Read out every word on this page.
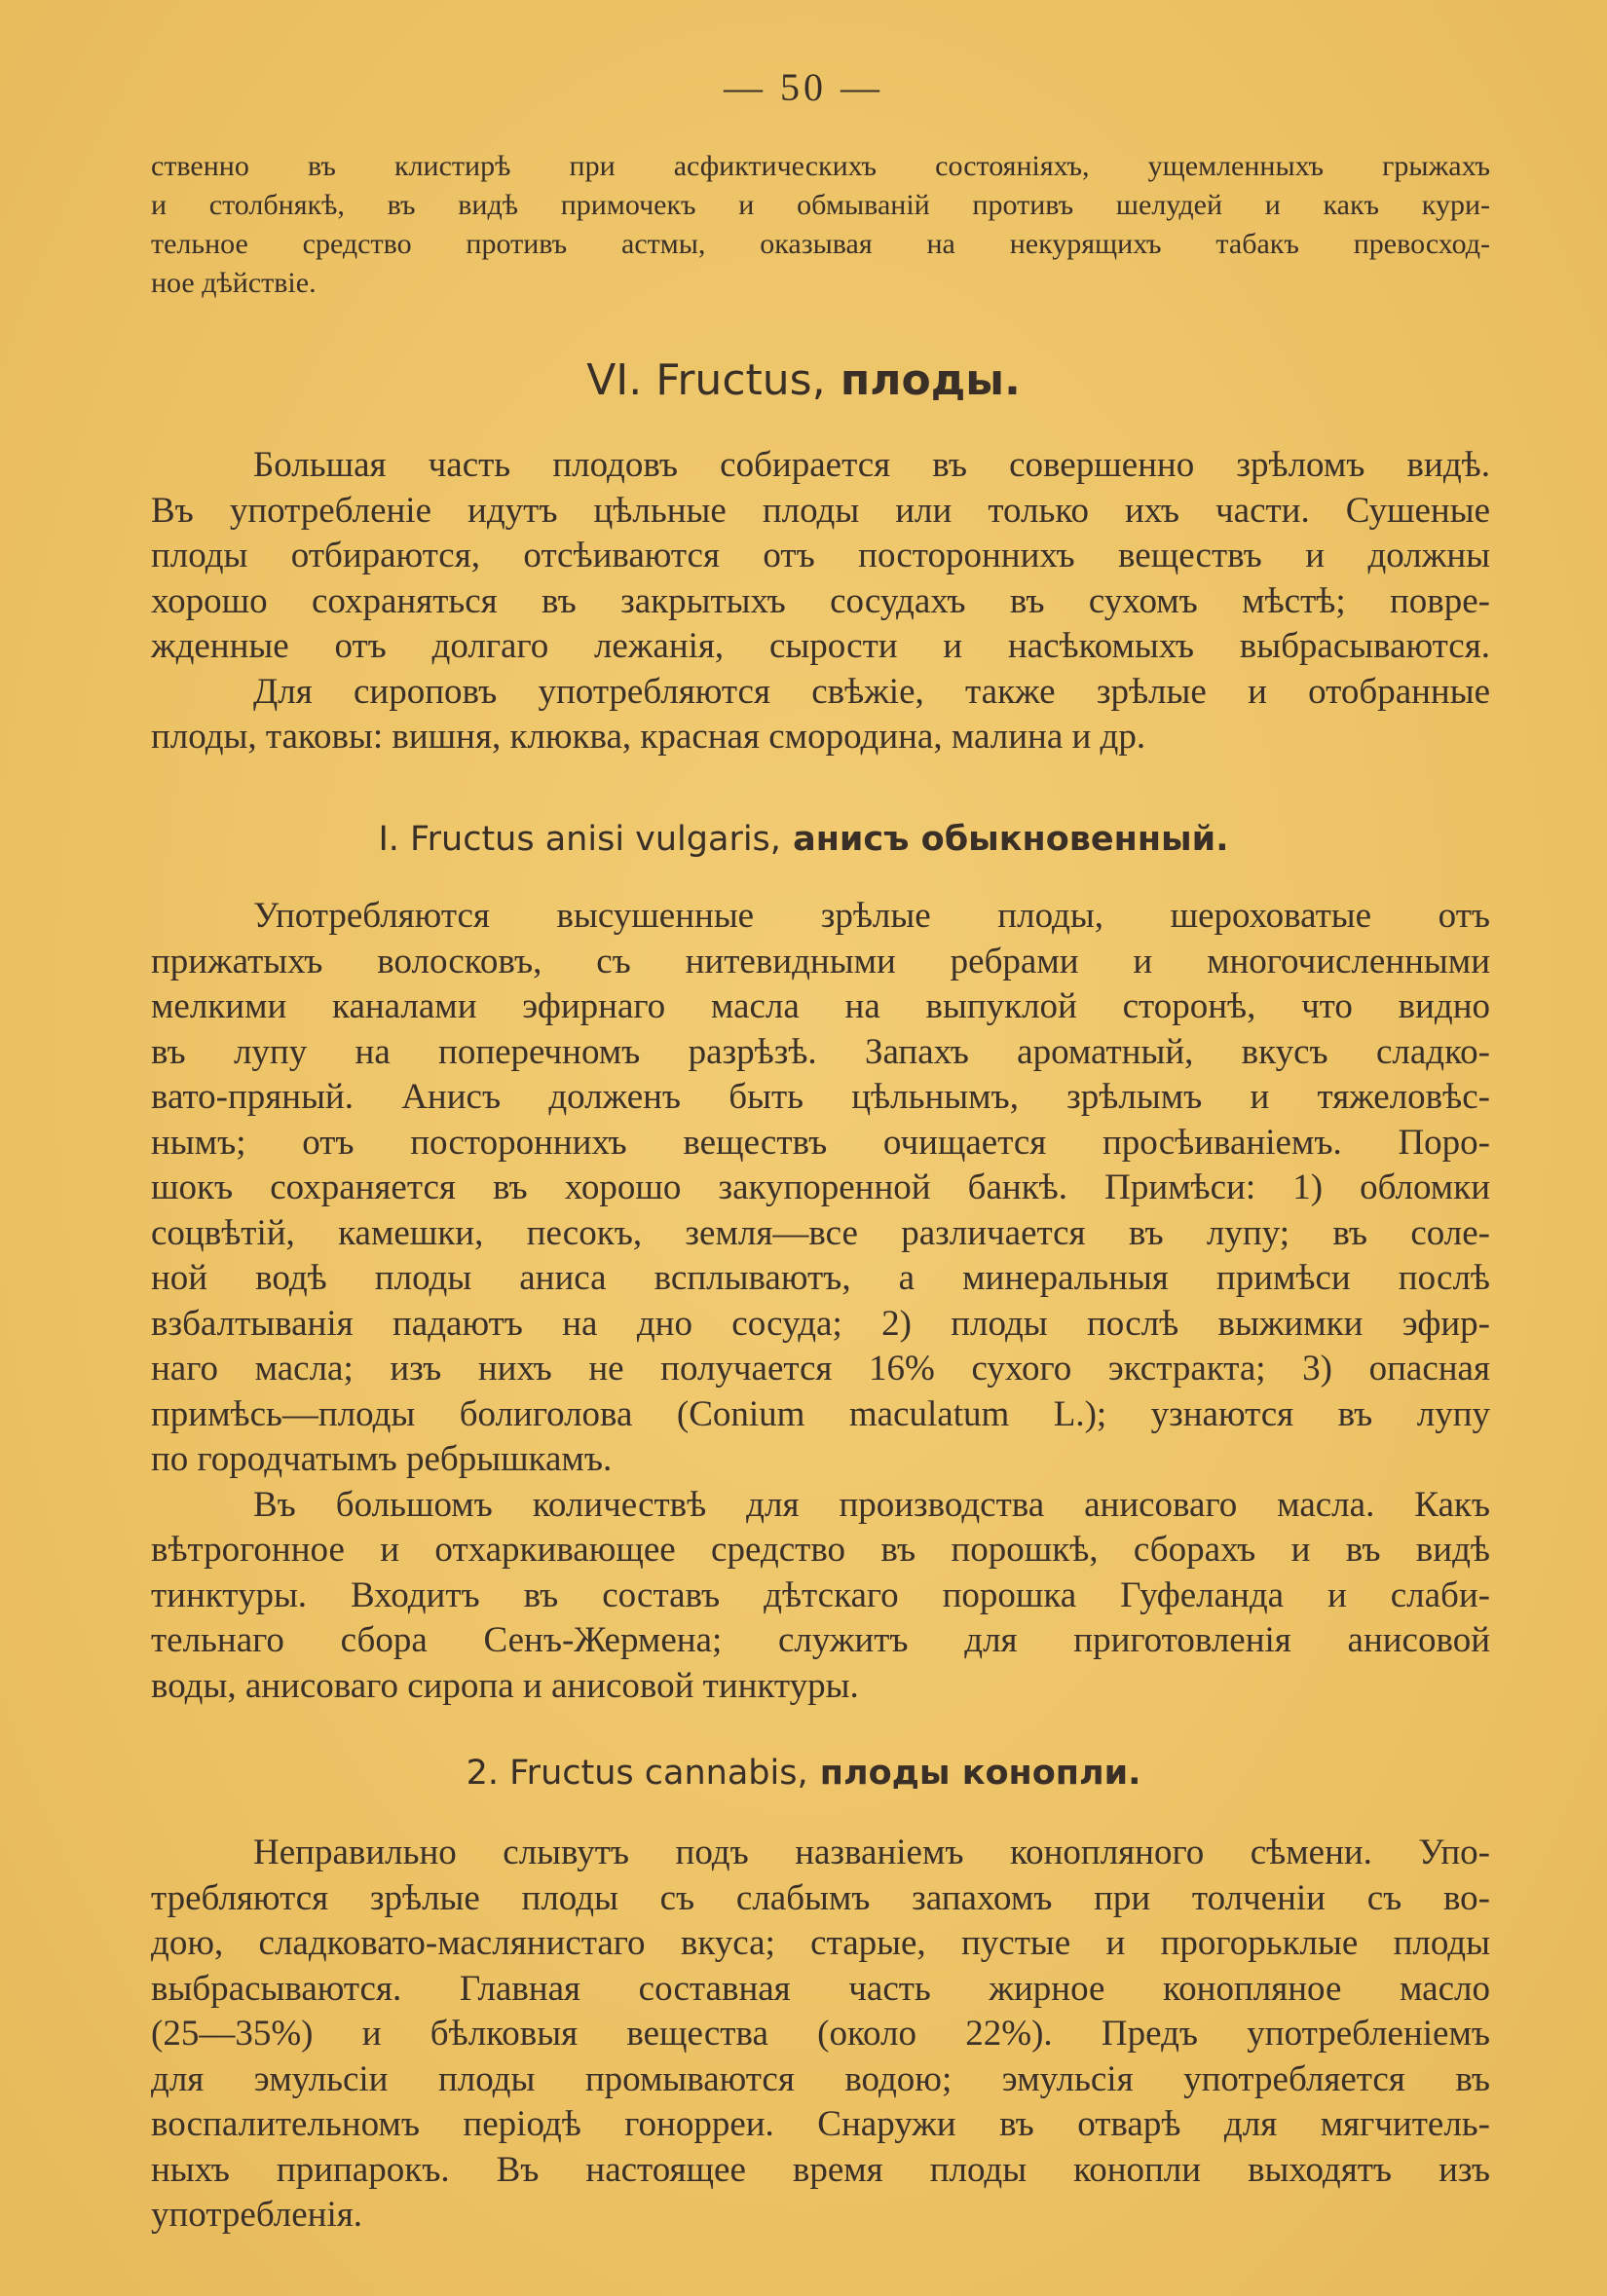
— 50 —
ственно въ клистирѣ при асфиктическихъ состояніяхъ, ущемленныхъ грыжахъ
и столбнякѣ, въ видѣ примочекъ и обмываній противъ шелудей и какъ кури-
тельное средство противъ астмы, оказывая на некурящихъ табакъ превосход-
ное дѣйствіе.
VI. Fructus, плоды.
Большая часть плодовъ собирается въ совершенно зрѣломъ видѣ.
Въ употребленіе идутъ цѣльные плоды или только ихъ части. Сушеные
плоды отбираются, отсѣиваются отъ постороннихъ веществъ и должны
хорошо сохраняться въ закрытыхъ сосудахъ въ сухомъ мѣстѣ; повре-
жденные отъ долгаго лежанія, сырости и насѣкомыхъ выбрасываются.
Для сироповъ употребляются свѣжіе, также зрѣлые и отобранные
плоды, таковы: вишня, клюква, красная смородина, малина и др.
I. Fructus anisi vulgaris, анисъ обыкновенный.
Употребляются высушенные зрѣлые плоды, шероховатые отъ
прижатыхъ волосковъ, съ нитевидными ребрами и многочисленными
мелкими каналами эфирнаго масла на выпуклой сторонѣ, что видно
въ лупу на поперечномъ разрѣзѣ. Запахъ ароматный, вкусъ сладко-
вато-пряный. Анисъ долженъ быть цѣльнымъ, зрѣлымъ и тяжеловѣс-
нымъ; отъ постороннихъ веществъ очищается просѣиваніемъ. Поро-
шокъ сохраняется въ хорошо закупоренной банкѣ. Примѣси: 1) обломки
соцвѣтій, камешки, песокъ, земля—все различается въ лупу; въ соле-
ной водѣ плоды аниса всплываютъ, а минеральныя примѣси послѣ
взбалтыванія падаютъ на дно сосуда; 2) плоды послѣ выжимки эфир-
наго масла; изъ нихъ не получается 16% сухого экстракта; 3) опасная
примѣсь—плоды болиголова (Conium maculatum L.); узнаются въ лупу
по городчатымъ ребрышкамъ.
Въ большомъ количествѣ для производства анисоваго масла. Какъ
вѣтрогонное и отхаркивающее средство въ порошкѣ, сборахъ и въ видѣ
тинктуры. Входитъ въ составъ дѣтскаго порошка Гуфеланда и слаби-
тельнаго сбора Сенъ-Жермена; служитъ для приготовленія анисовой
воды, анисоваго сиропа и анисовой тинктуры.
2. Fructus cannabis, плоды конопли.
Неправильно слывутъ подъ названіемъ конопляного сѣмени. Упо-
требляются зрѣлые плоды съ слабымъ запахомъ при толченіи съ во-
дою, сладковато-маслянистаго вкуса; старые, пустые и прогорьклые плоды
выбрасываются. Главная составная часть жирное конопляное масло
(25—35%) и бѣлковыя вещества (около 22%). Предъ употребленіемъ
для эмульсіи плоды промываются водою; эмульсія употребляется въ
воспалительномъ періодѣ гонорреи. Снаружи въ отварѣ для мягчитель-
ныхъ припарокъ. Въ настоящее время плоды конопли выходятъ изъ
употребленія.
